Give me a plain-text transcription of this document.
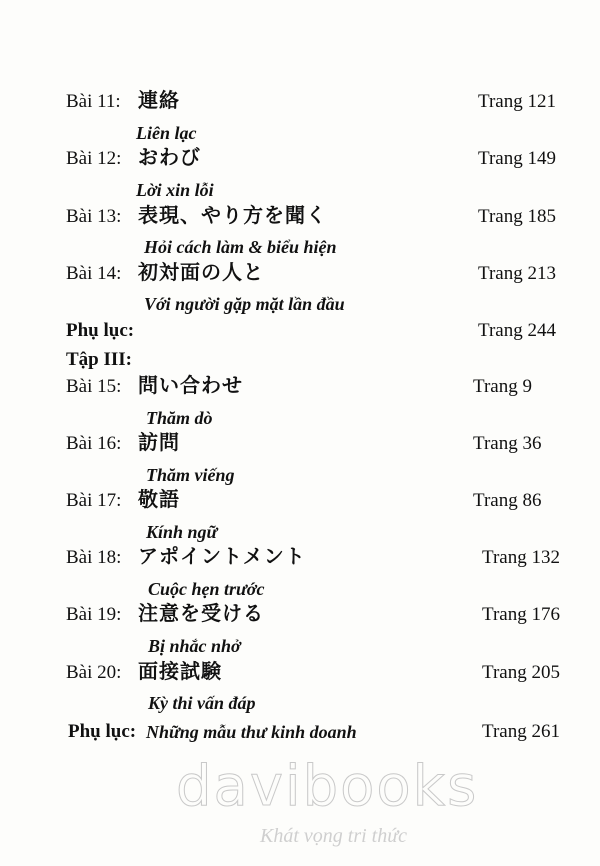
Bài 11: 連絡	Trang 121
Liên lạc
Bài 12: おわび	Trang 149
Lời xin lỗi
Bài 13: 表現、やり方を聞く	Trang 185
Hỏi cách làm & biểu hiện
Bài 14: 初対面の人と	Trang 213
Với người gặp mặt lần đầu
Phụ lục:	Trang 244
Tập III:
Bài 15: 問い合わせ	Trang 9
Thăm dò
Bài 16: 訪問	Trang 36
Thăm viếng
Bài 17: 敬語	Trang 86
Kính ngữ
Bài 18: アポイントメント	Trang 132
Cuộc hẹn trước
Bài 19: 注意を受ける	Trang 176
Bị nhắc nhở
Bài 20: 面接試験	Trang 205
Kỳ thi vấn đáp
Phụ lục: Những mẫu thư kinh doanh	Trang 261
davibooks
Khát vọng tri thức
